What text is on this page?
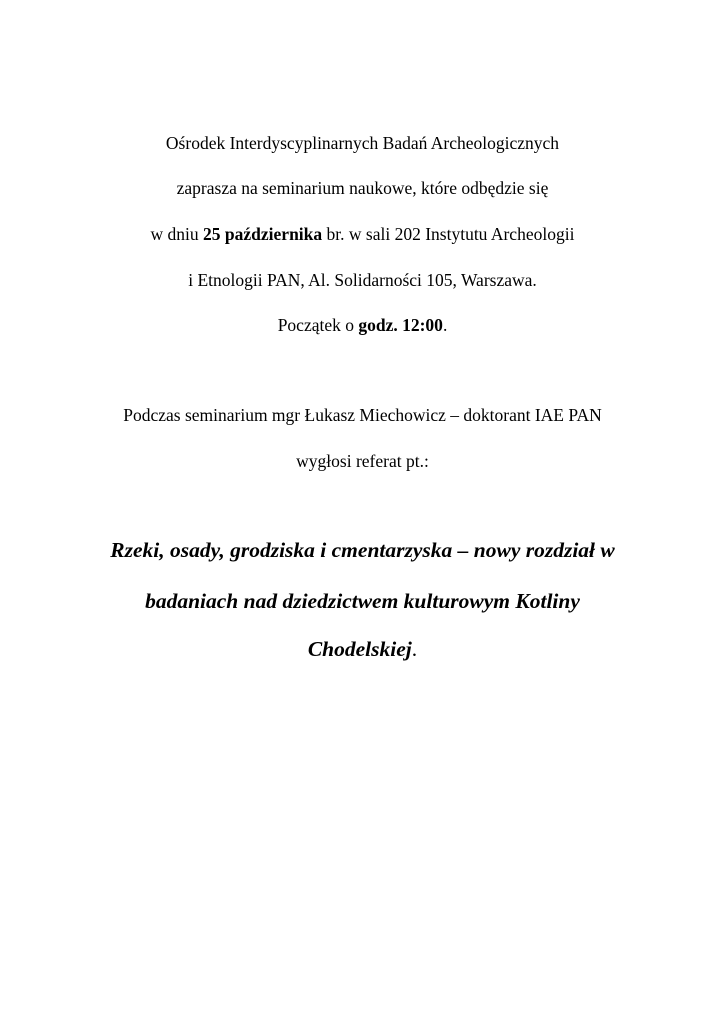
Ośrodek Interdyscyplinarnych Badań Archeologicznych
zaprasza na seminarium naukowe, które odbędzie się
w dniu 25 października br. w sali 202 Instytutu Archeologii
i Etnologii PAN, Al. Solidarności 105, Warszawa.
Początek o godz. 12:00.
Podczas seminarium mgr Łukasz Miechowicz – doktorant IAE PAN
wygłosi referat pt.:
Rzeki, osady, grodziska i cmentarzyska – nowy rozdział w
badaniach nad dziedzictwem kulturowym Kotliny
Chodelskiej.
